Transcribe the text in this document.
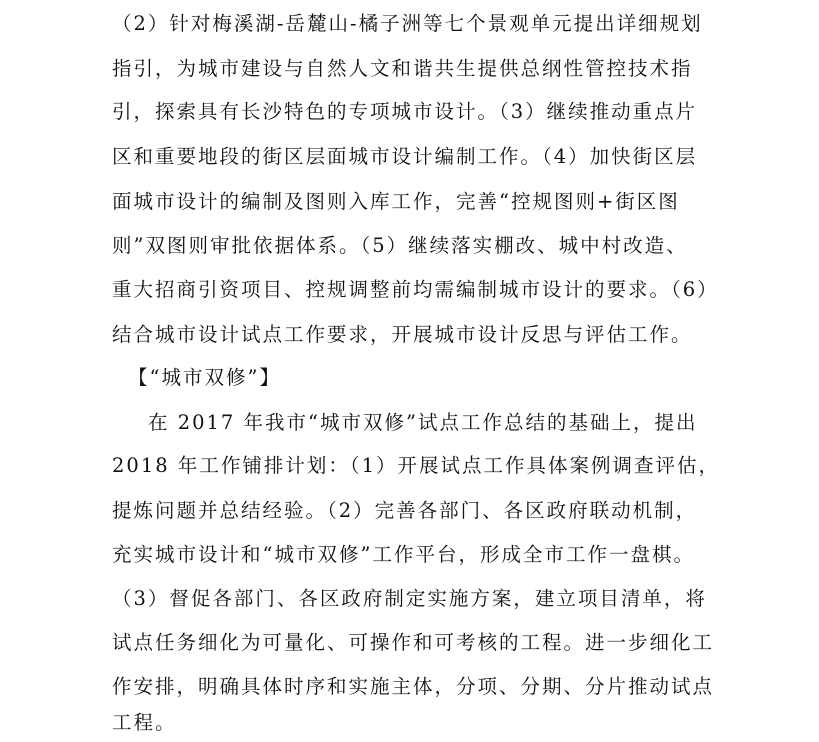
（2）针对梅溪湖-岳麓山-橘子洲等七个景观单元提出详细规划
指引，为城市建设与自然人文和谐共生提供总纲性管控技术指
引，探索具有长沙特色的专项城市设计。（3）继续推动重点片
区和重要地段的街区层面城市设计编制工作。（4）加快街区层
面城市设计的编制及图则入库工作，完善“控规图则+街区图
则”双图则审批依据体系。（5）继续落实棚改、城中村改造、
重大招商引资项目、控规调整前均需编制城市设计的要求。（6）
结合城市设计试点工作要求，开展城市设计反思与评估工作。
【“城市双修”】
在 2017 年我市“城市双修”试点工作总结的基础上，提出
2018 年工作铺排计划：（1）开展试点工作具体案例调查评估，
提炼问题并总结经验。（2）完善各部门、各区政府联动机制，
充实城市设计和“城市双修”工作平台，形成全市工作一盘棋。
（3）督促各部门、各区政府制定实施方案，建立项目清单，将
试点任务细化为可量化、可操作和可考核的工程。进一步细化工
作安排，明确具体时序和实施主体，分项、分期、分片推动试点
工程。
